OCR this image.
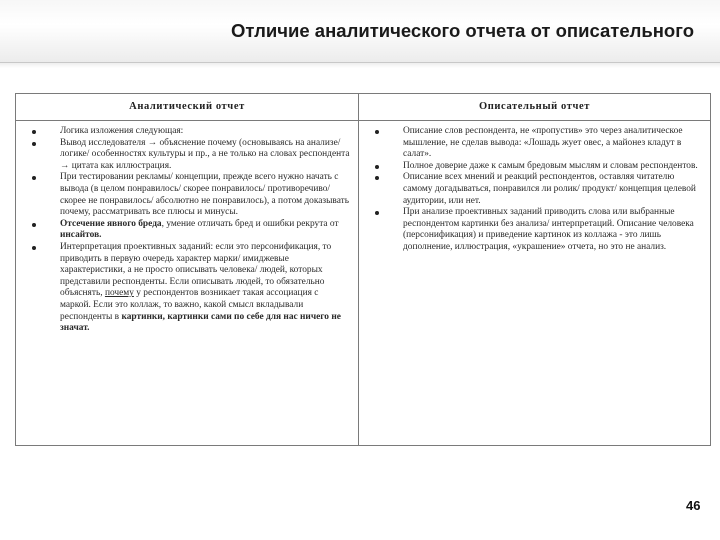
Отличие аналитического отчета от описательного
Аналитический отчет
Логика изложения следующая:
Вывод исследователя → объяснение почему (основываясь на анализе/ логике/ особенностях культуры и пр., а не только на словах респондента → цитата как иллюстрация.
При тестировании рекламы/ концепции, прежде всего нужно начать с вывода (в целом понравилось/ скорее понравилось/ противоречиво/ скорее не понравилось/ абсолютно не понравилось), а потом доказывать почему, рассматривать все плюсы и минусы.
Отсечение явного бреда, умение отличать бред и ошибки рекрута от инсайтов.
Интерпретация проективных заданий: если это персонификация, то приводить в первую очередь характер марки/ имиджевые характеристики, а не просто описывать человека/ людей, которых представили респонденты. Если описывать людей, то обязательно объяснять, почему у респондентов возникает такая ассоциация с маркой. Если это коллаж, то важно, какой смысл вкладывали респонденты в картинки, картинки сами по себе для нас ничего не значат.
Описательный отчет
Описание слов респондента, не «пропустив» это через аналитическое мышление, не сделав вывода: «Лошадь жует овес, а майонез кладут в салат».
Полное доверие даже к самым бредовым мыслям и словам респондентов.
Описание всех мнений и реакций респондентов, оставляя читателю самому догадываться, понравился ли ролик/ продукт/ концепция целевой аудитории, или нет.
При анализе проективных заданий приводить слова или выбранные респондентом картинки без анализа/ интерпретаций. Описание человека (персонификация) и приведение картинок из коллажа - это лишь дополнение, иллюстрация, «украшение» отчета, но это не анализ.
46
